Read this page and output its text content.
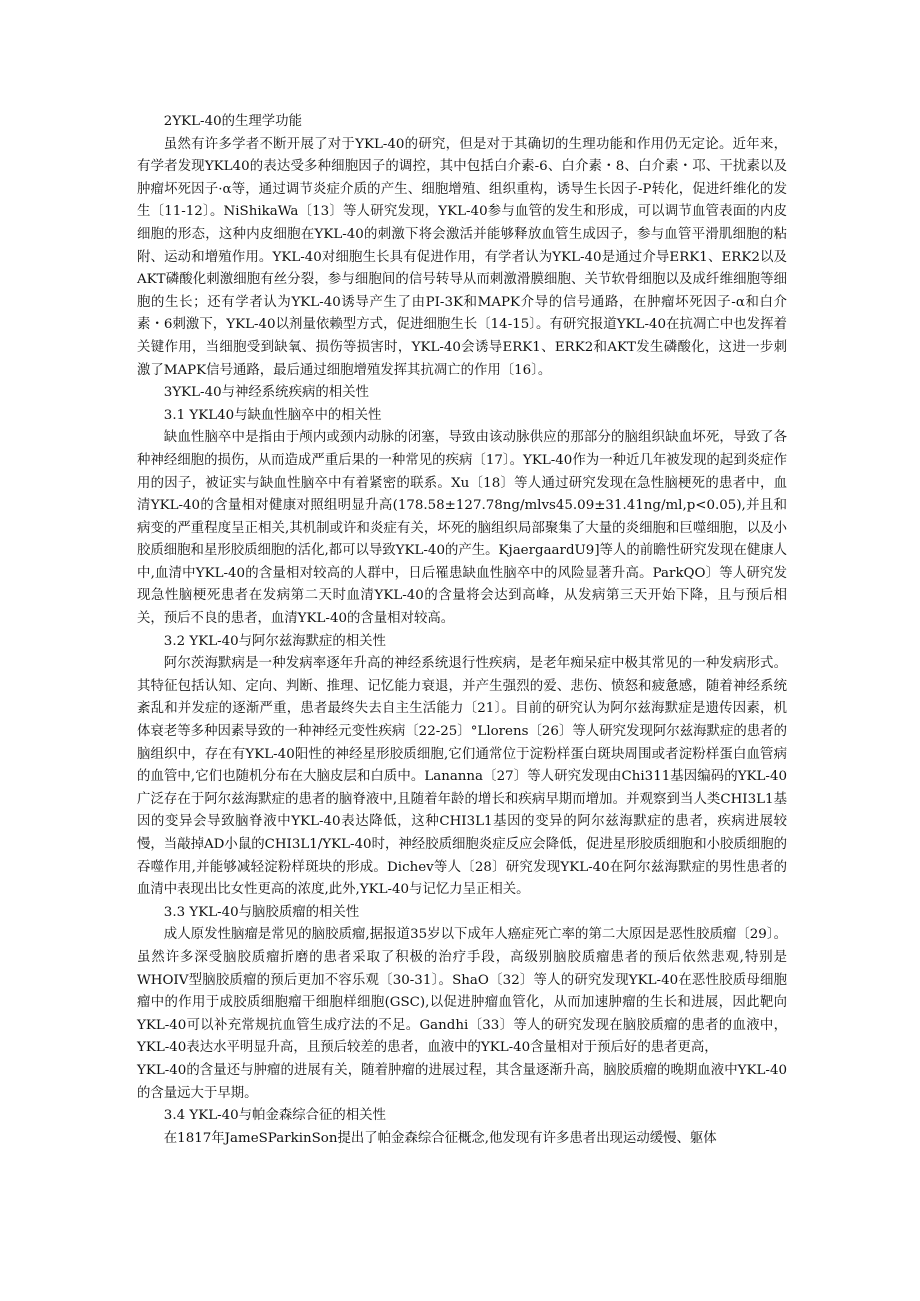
2YKL-40的生理学功能

虽然有许多学者不断开展了对于YKL-40的研究，但是对于其确切的生理功能和作用仍无定论。近年来，有学者发现YKL40的表达受多种细胞因子的调控，其中包括白介素-6、白介素・8、白介素・邛、干扰素以及肿瘤坏死因子·α等，通过调节炎症介质的产生、细胞增殖、组织重构，诱导生长因子-P转化，促进纤维化的发生〔11-12〕。NiShikaWa〔13〕等人研究发现，YKL-40参与血管的发生和形成，可以调节血管表面的内皮细胞的形态，这种内皮细胞在YKL-40的刺激下将会激活并能够释放血管生成因子，参与血管平滑肌细胞的粘附、运动和增殖作用。YKL-40对细胞生长具有促进作用，有学者认为YKL-40是通过介导ERK1、ERK2以及AKT磷酸化刺激细胞有丝分裂，参与细胞间的信号转导从而刺激滑膜细胞、关节软骨细胞以及成纤维细胞等细胞的生长；还有学者认为YKL-40诱导产生了由PI-3K和MAPK介导的信号通路，在肿瘤坏死因子-α和白介素・6刺激下，YKL-40以剂量依赖型方式，促进细胞生长〔14-15〕。有研究报道YKL-40在抗凋亡中也发挥着关键作用，当细胞受到缺氧、损伤等损害时，YKL-40会诱导ERK1、ERK2和AKT发生磷酸化，这进一步刺激了MAPK信号通路，最后通过细胞增殖发挥其抗凋亡的作用〔16〕。

3YKL-40与神经系统疾病的相关性

3.1 YKL40与缺血性脑卒中的相关性

缺血性脑卒中是指由于颅内或颈内动脉的闭塞，导致由该动脉供应的那部分的脑组织缺血坏死，导致了各种神经细胞的损伤，从而造成严重后果的一种常见的疾病〔17〕。YKL-40作为一种近几年被发现的起到炎症作用的因子，被证实与缺血性脑卒中有着紧密的联系。Xu〔18〕等人通过研究发现在急性脑梗死的患者中，血清YKL-40的含量相对健康对照组明显升高(178.58±127.78ng∕mlvs45.09±31.41ng∕ml,p<0.05),并且和病变的严重程度呈正相关,其机制或许和炎症有关，坏死的脑组织局部聚集了大量的炎细胞和巨噬细胞，以及小胶质细胞和星形胶质细胞的活化,都可以导致YKL-40的产生。KjaergaardU9]等人的前瞻性研究发现在健康人中,血清中YKL-40的含量相对较高的人群中，日后罹患缺血性脑卒中的风险显著升高。ParkQO〕等人研究发现急性脑梗死患者在发病第二天时血清YKL-40的含量将会达到高峰，从发病第三天开始下降，且与预后相关，预后不良的患者，血清YKL-40的含量相对较高。

3.2 YKL-40与阿尔兹海默症的相关性

阿尔茨海默病是一种发病率逐年升高的神经系统退行性疾病，是老年痴呆症中极其常见的一种发病形式。其特征包括认知、定向、判断、推理、记忆能力衰退，并产生强烈的爱、悲伤、愤怒和疲惫感，随着神经系统紊乱和并发症的逐渐严重，患者最终失去自主生活能力〔21〕。目前的研究认为阿尔兹海默症是遗传因素，机体衰老等多种因素导致的一种神经元变性疾病〔22-25〕°Llorens〔26〕等人研究发现阿尔兹海默症的患者的脑组织中，存在有YKL-40阳性的神经星形胶质细胞,它们通常位于淀粉样蛋白斑块周围或者淀粉样蛋白血管病的血管中,它们也随机分布在大脑皮层和白质中。Lananna〔27〕等人研究发现由Chi311基因编码的YKL-40广泛存在于阿尔兹海默症的患者的脑脊液中,且随着年龄的增长和疾病早期而增加。并观察到当人类CHI3L1基因的变异会导致脑脊液中YKL-40表达降低，这种CHI3L1基因的变异的阿尔兹海默症的患者，疾病进展较慢，当敲掉AD小鼠的CHI3L1∕YKL-40时，神经胶质细胞炎症反应会降低，促进星形胶质细胞和小胶质细胞的吞噬作用,并能够减轻淀粉样斑块的形成。Dichev等人〔28〕研究发现YKL-40在阿尔兹海默症的男性患者的血清中表现出比女性更高的浓度,此外,YKL-40与记忆力呈正相关。

3.3 YKL-40与脑胶质瘤的相关性

成人原发性脑瘤是常见的脑胶质瘤,据报道35岁以下成年人癌症死亡率的第二大原因是恶性胶质瘤〔29〕。虽然许多深受脑胶质瘤折磨的患者采取了积极的治疗手段，高级别脑胶质瘤患者的预后依然悲观,特别是WHOIV型脑胶质瘤的预后更加不容乐观〔30-31〕。ShaO〔32〕等人的研究发现YKL-40在恶性胶质母细胞瘤中的作用于成胶质细胞瘤干细胞样细胞(GSC),以促进肿瘤血管化，从而加速肿瘤的生长和进展，因此靶向YKL-40可以补充常规抗血管生成疗法的不足。Gandhi〔33〕等人的研究发现在脑胶质瘤的患者的血液中，YKL-40表达水平明显升高，且预后较差的患者，血液中的YKL-40含量相对于预后好的患者更高，

YKL-40的含量还与肿瘤的进展有关，随着肿瘤的进展过程，其含量逐渐升高，脑胶质瘤的晚期血液中YKL-40的含量远大于早期。

3.4 YKL-40与帕金森综合征的相关性

在1817年JameSParkinSon提出了帕金森综合征概念,他发现有许多患者出现运动缓慢、躯体
